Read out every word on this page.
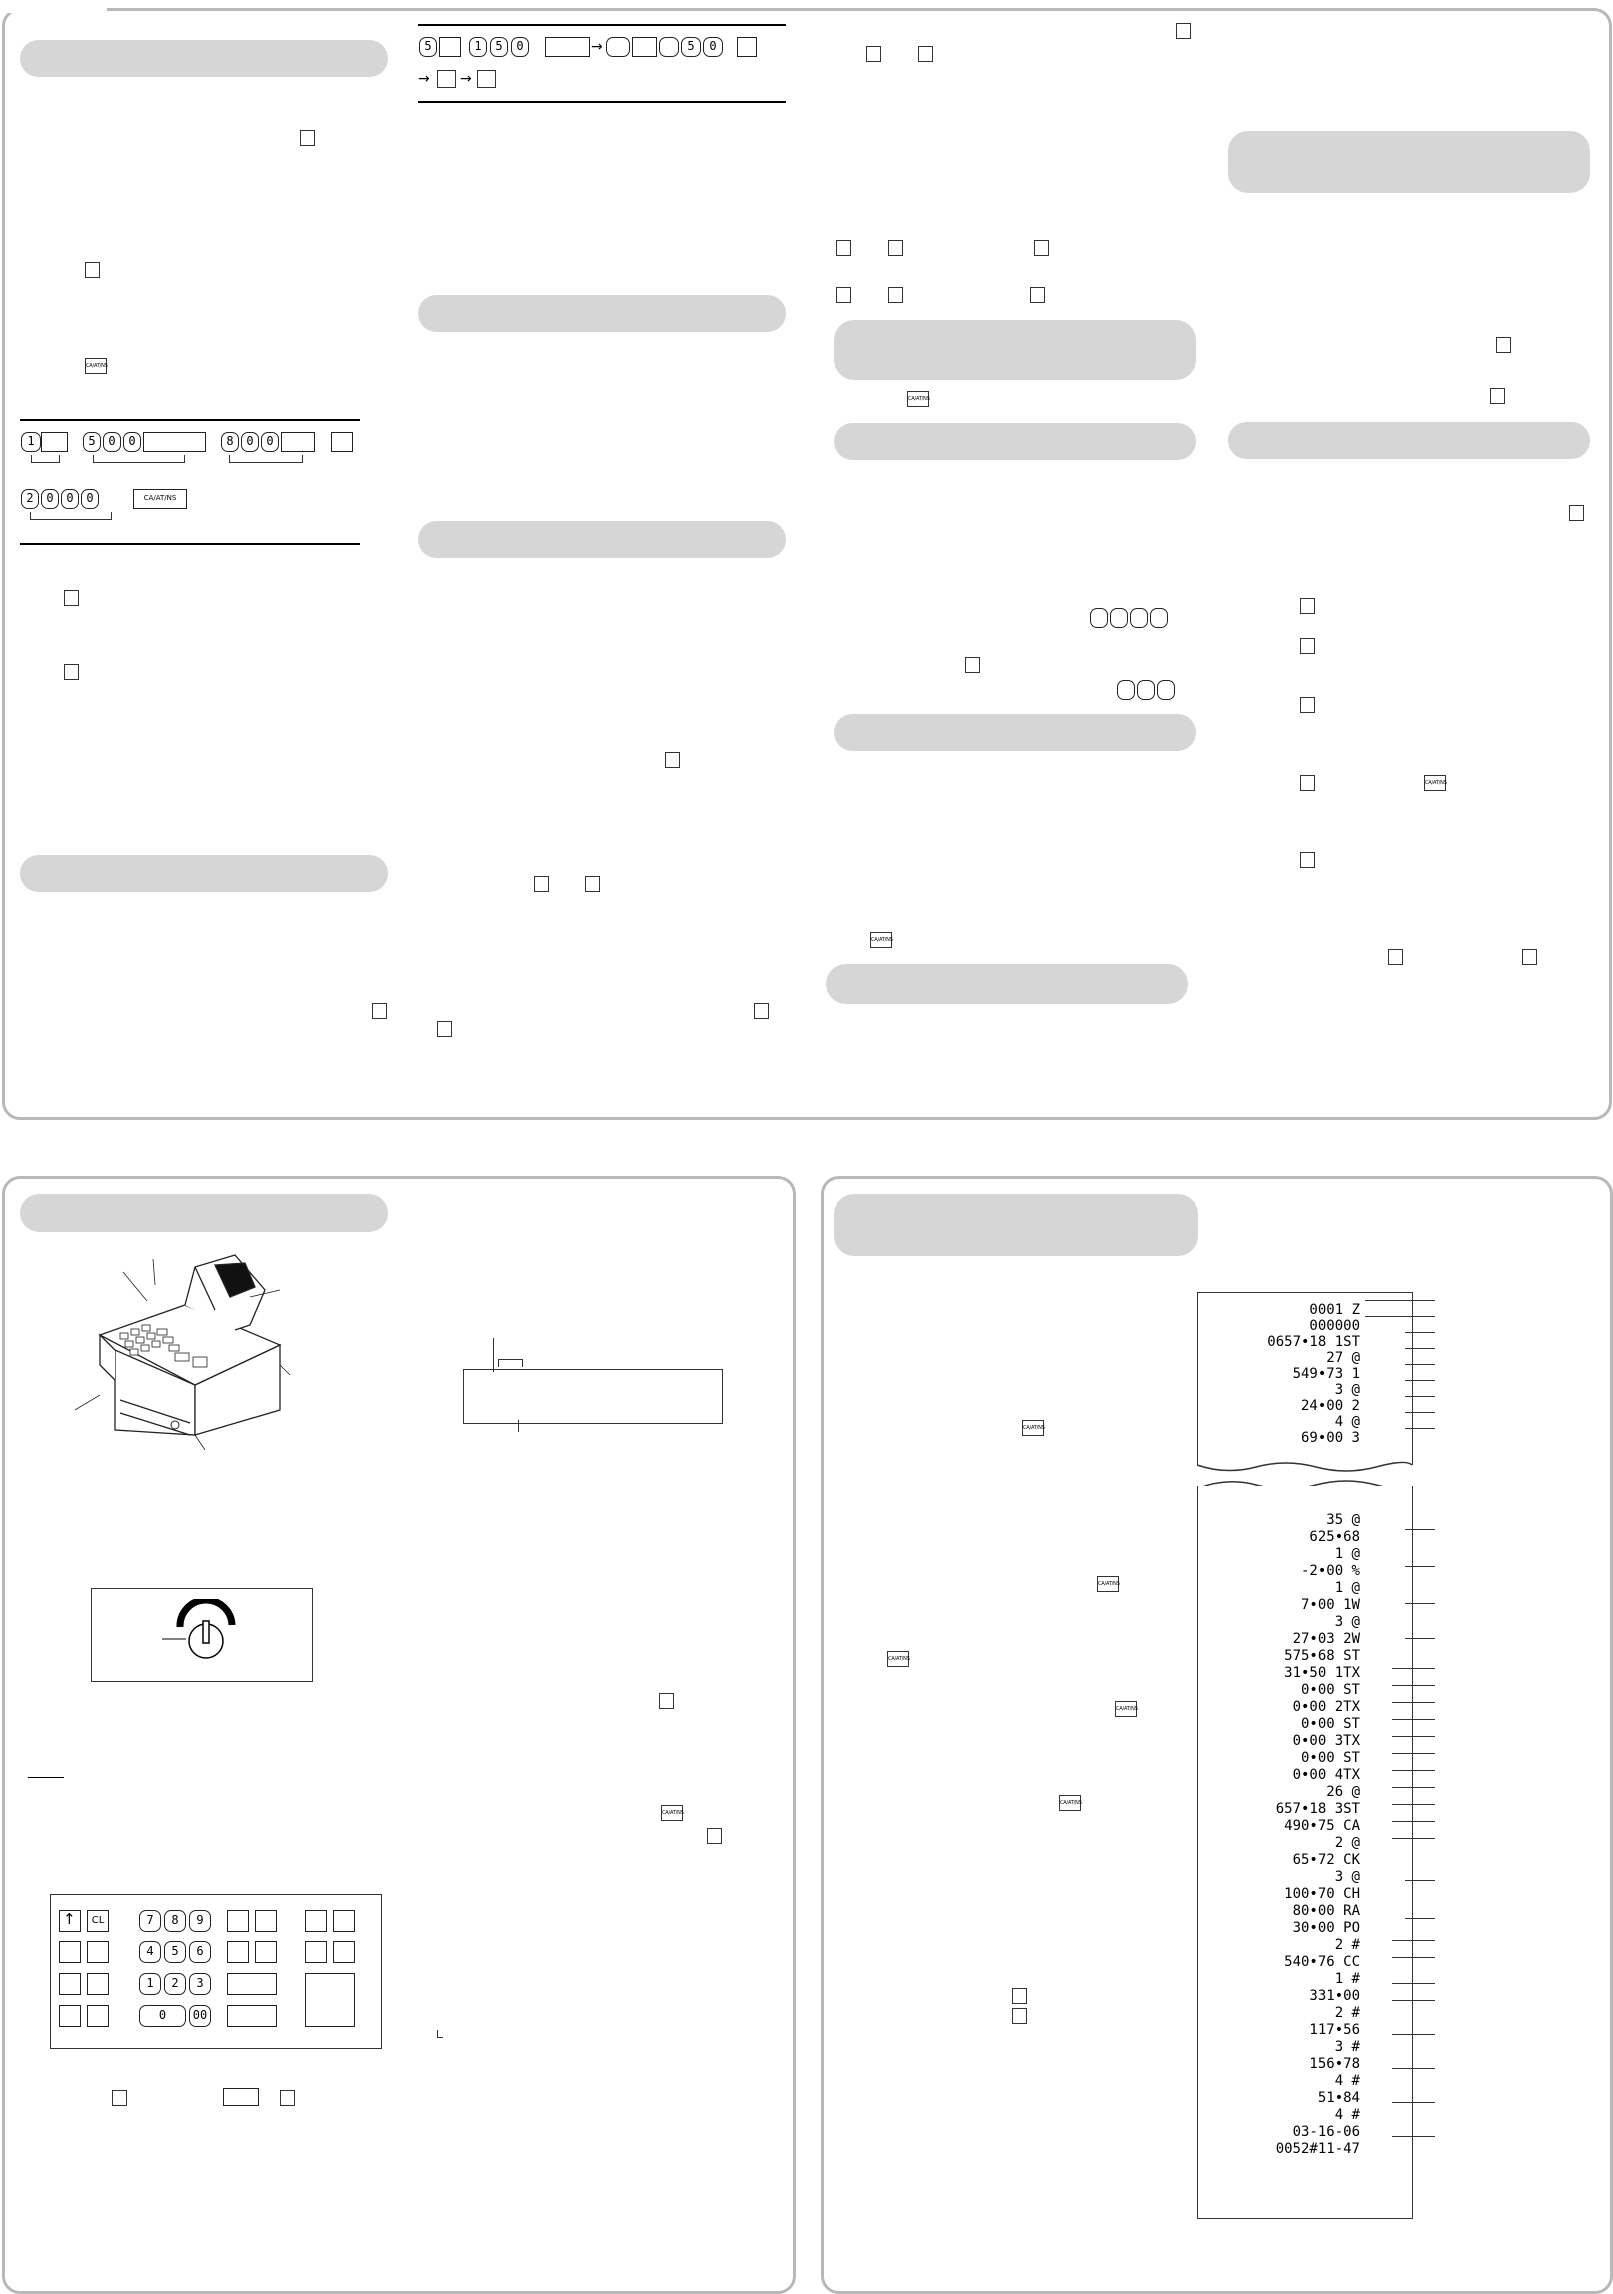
CA/AT/NS
1	5	0	0	8	0	0
2	0	0	0	CA/AT/NS
5	1	5	0	→	5	0
→ →
CA/AT/NS
CA/AT/NS
CA/AT/NS
CL	7	8	9
4	5	6
1	2	3
0	00
↑
CA/AT/NS
CA/AT/NS
CA/AT/NS
CA/AT/NS
CA/AT/NS
CA/AT/NS
0001 Z
000000
0657•18 1ST
27 @
549•73 1
3 @
24•00 2
4 @
69•00 3
35 @
625•68
1 @
-2•00 %
1 @
7•00 1W
3 @
27•03 2W
575•68 ST
31•50 1TX
0•00 ST
0•00 2TX
0•00 ST
0•00 3TX
0•00 ST
0•00 4TX
26 @
657•18 3ST
490•75 CA
2 @
65•72 CK
3 @
100•70 CH
80•00 RA
30•00 PO
2 #
540•76 CC
1 #
331•00
2 #
117•56
3 #
156•78
4 #
51•84
4 #
03-16-06
0052#11-47
